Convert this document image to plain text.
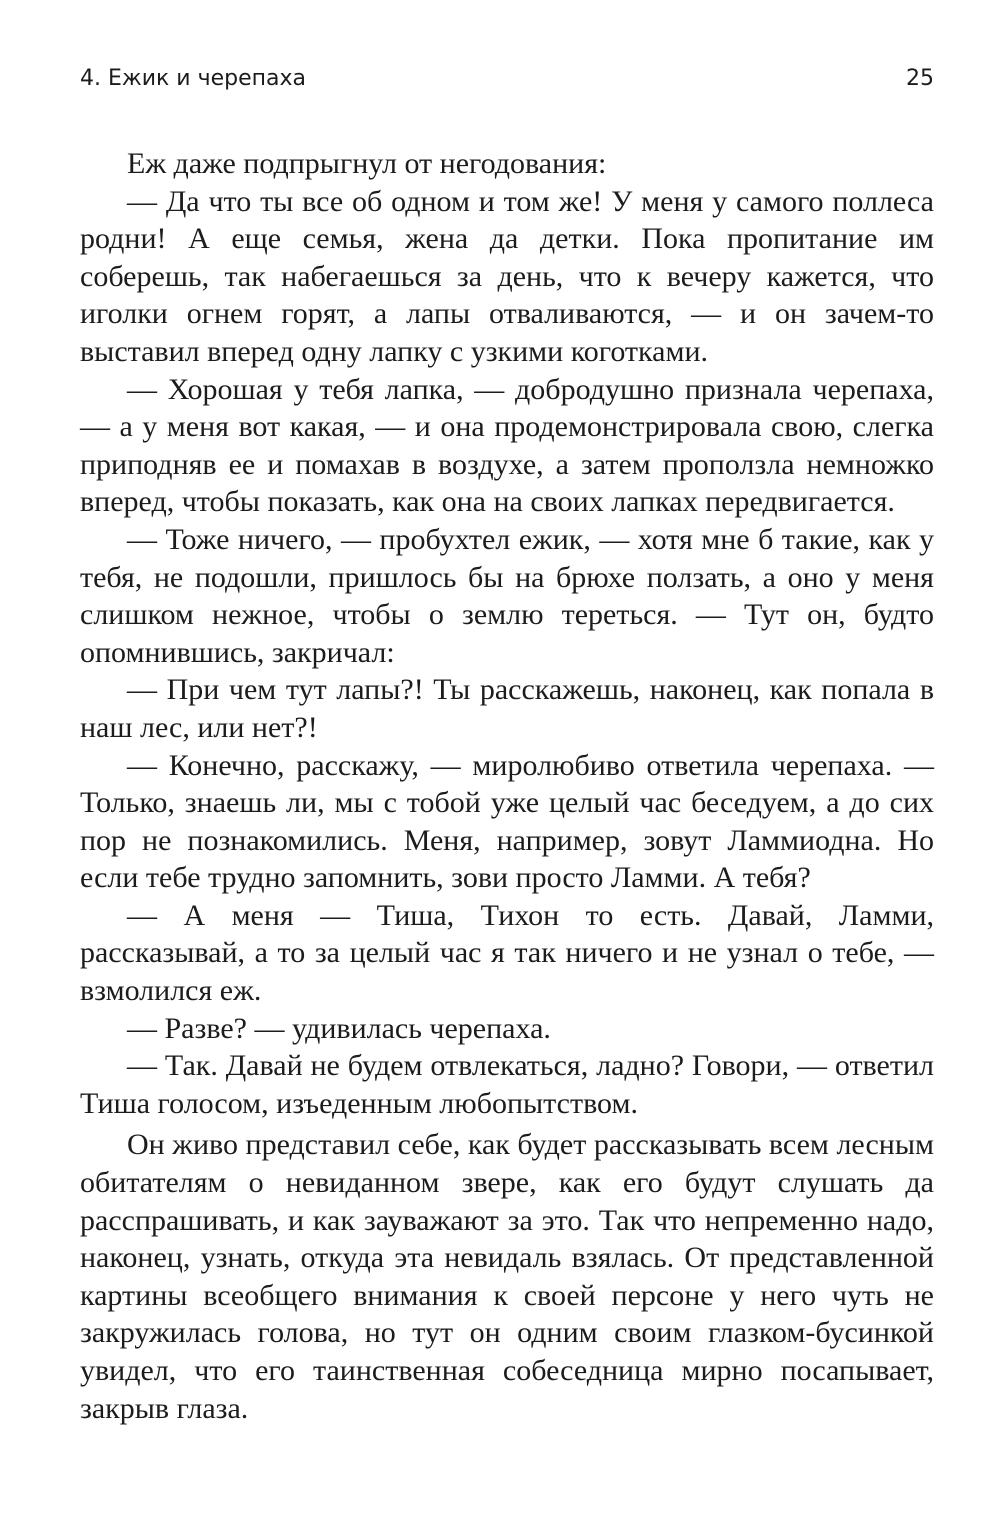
4. Ежик и черепаха	25

Еж даже подпрыгнул от негодования:

— Да что ты все об одном и том же! У меня у самого поллеса родни! А еще семья, жена да детки. Пока пропитание им соберешь, так набегаешься за день, что к вечеру кажется, что иголки огнем горят, а лапы отваливаются, — и он зачем-то выставил вперед одну лапку с узкими коготками.

— Хорошая у тебя лапка, — добродушно признала черепаха, — а у меня вот какая, — и она продемонстрировала свою, слегка приподняв ее и помахав в воздухе, а затем проползла немножко вперед, чтобы показать, как она на своих лапках передвигается.

— Тоже ничего, — пробухтел ежик, — хотя мне б такие, как у тебя, не подошли, пришлось бы на брюхе ползать, а оно у меня слишком нежное, чтобы о землю тереться. — Тут он, будто опомнившись, закричал:

— При чем тут лапы?! Ты расскажешь, наконец, как попала в наш лес, или нет?!

— Конечно, расскажу, — миролюбиво ответила черепаха. — Только, знаешь ли, мы с тобой уже целый час беседуем, а до сих пор не познакомились. Меня, например, зовут Ламмиодна. Но если тебе трудно запомнить, зови просто Ламми. А тебя?

— А меня — Тиша, Тихон то есть. Давай, Ламми, рассказывай, а то за целый час я так ничего и не узнал о тебе, — взмолился еж.

— Разве? — удивилась черепаха.

— Так. Давай не будем отвлекаться, ладно? Говори, — ответил Тиша голосом, изъеденным любопытством.

Он живо представил себе, как будет рассказывать всем лесным обитателям о невиданном звере, как его будут слушать да расспрашивать, и как зауважают за это. Так что непременно надо, наконец, узнать, откуда эта невидаль взялась. От представленной картины всеобщего внимания к своей персоне у него чуть не закружилась голова, но тут он одним своим глазком-бусинкой увидел, что его таинственная собеседница мирно посапывает, закрыв глаза.
